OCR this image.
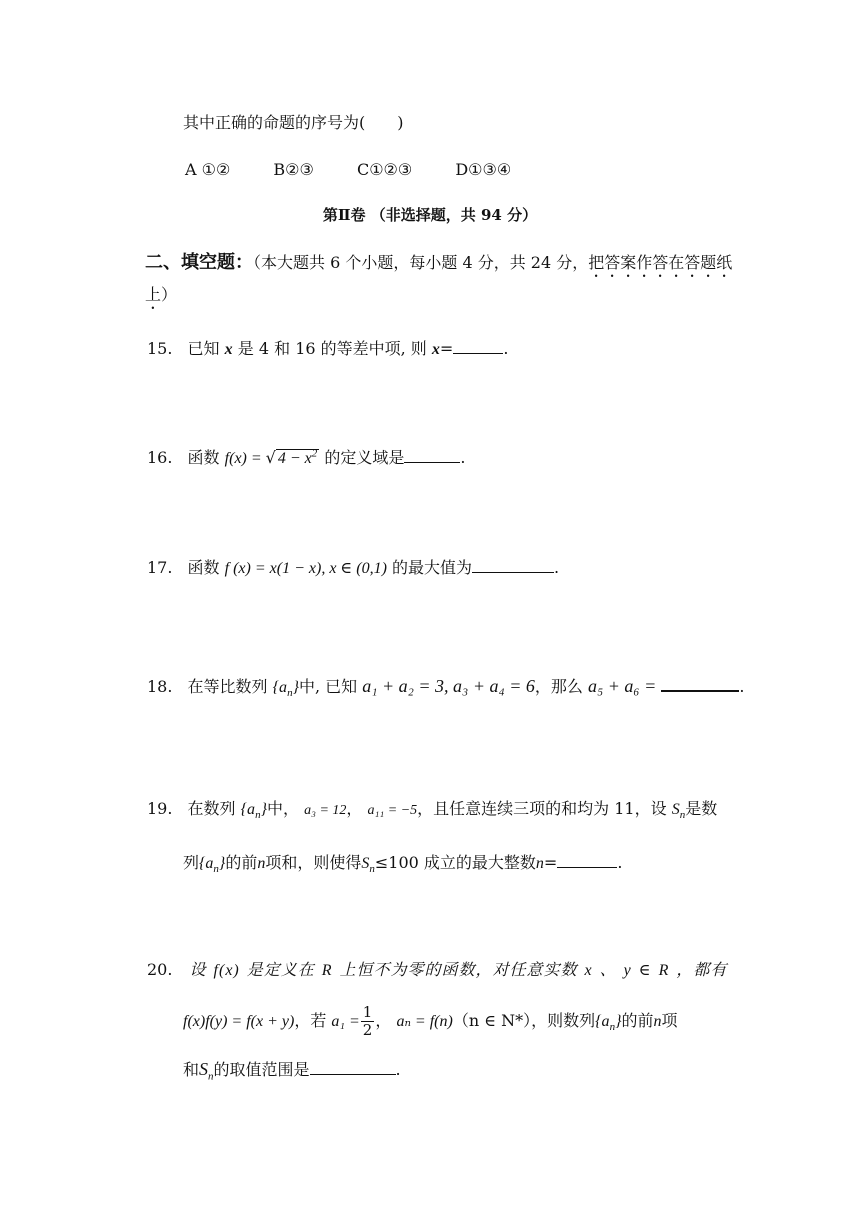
其中正确的命题的序号为(　　)
A ①②	B②③	C①②③	D①③④
第Ⅱ卷 （非选择题，共 94 分）
二、填空题：（本大题共 6 个小题，每小题 4 分，共 24 分，把答案作答在答题纸
上）
15. 已知 x 是 4 和 16 的等差中项, 则 x=	.
16. 函数 f(x) = √ $4 - x^2$ 的定义域是	.
17. 函数 f (x) = x(1 − x), x ∈ (0,1) 的最大值为	.
18. 在等比数列 $\{a_n\}$中, 已知 a₁ + a₂ = 3, a₃ + a₄ = 6，那么 a₅ + a₆ =	.
19. 在数列 $\{a_n\}$中， a₃ = 12， a₁₁ = −5，且任意连续三项的和均为 11，设 $S_n$是数
列$\{a_n\}$的前n项和，则使得$S_n\le 100$ 成立的最大整数n=	.
20. 设 f(x) 是定义在 R 上恒不为零的函数，对任意实数 x 、 y ∈ R ，都有
f(x)f(y) = f(x + y)，若 $a_1 = \frac{1}{2}$ ， aₙ = f(n)（n ∈ N*），则数列$\{a_n\}$的前n项
和$S_n$的取值范围是	.
